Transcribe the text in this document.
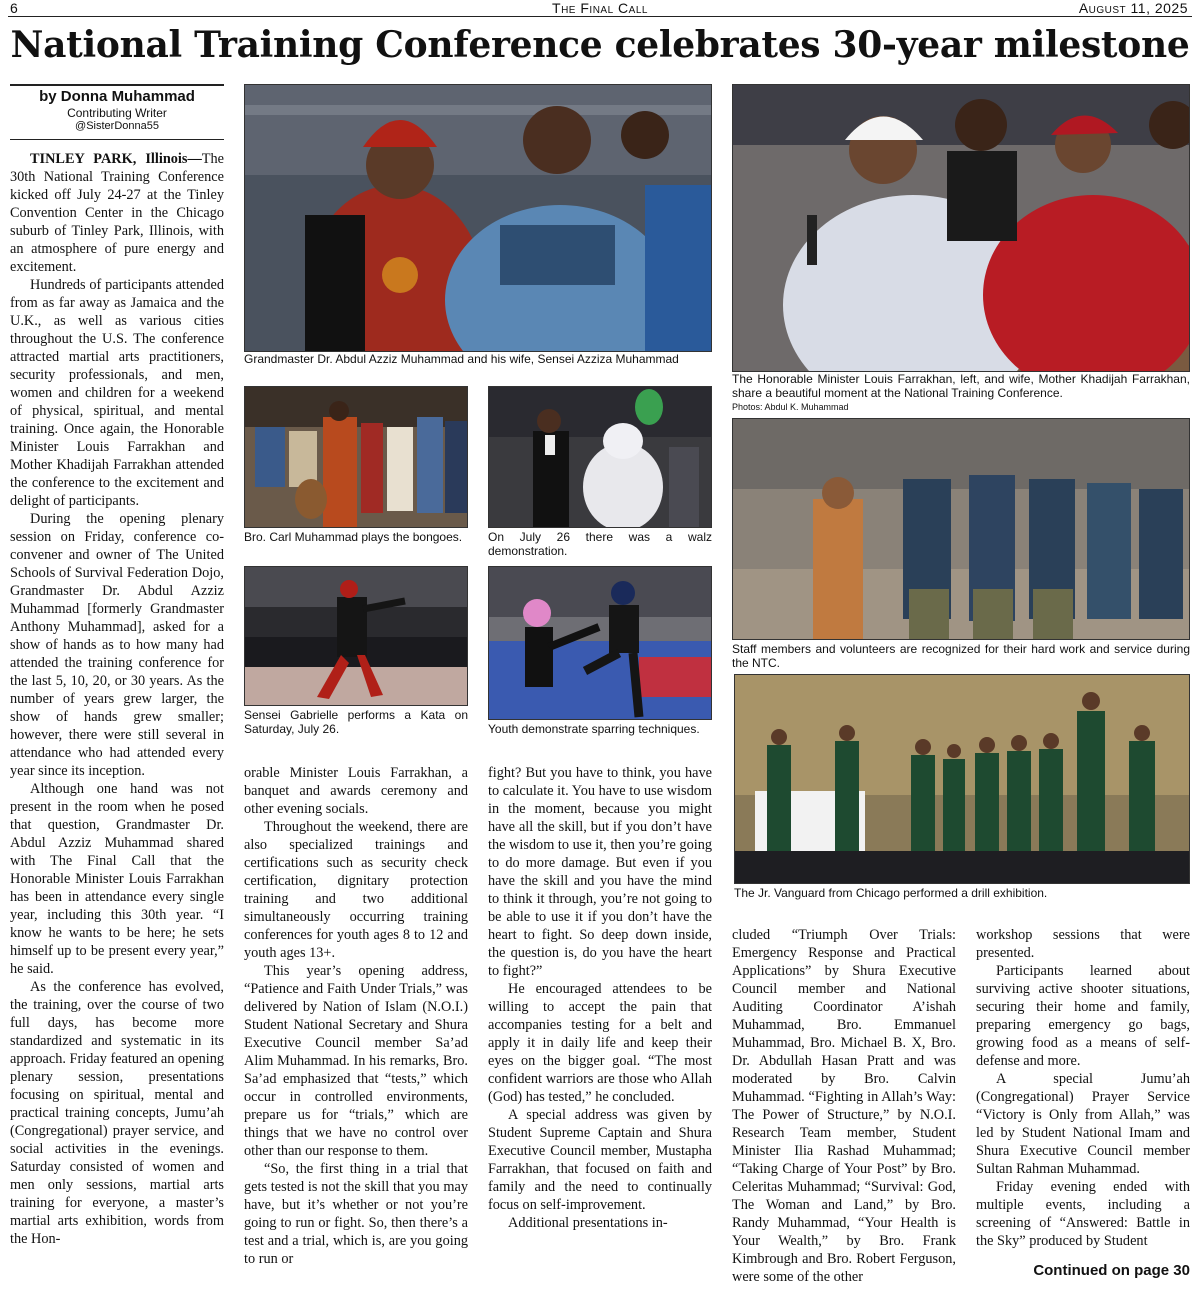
6	The Final Call	August 11, 2025
National Training Conference celebrates 30-year milestone
by Donna Muhammad
Contributing Writer
@SisterDonna55

TINLEY PARK, Illinois—The 30th National Training Conference kicked off July 24-27 at the Tinley Convention Center in the Chicago suburb of Tinley Park, Illinois, with an atmosphere of pure energy and excitement.

Hundreds of participants attended from as far away as Jamaica and the U.K., as well as various cities throughout the U.S. The conference attracted martial arts practitioners, security professionals, and men, women and children for a weekend of physical, spiritual, and mental training. Once again, the Honorable Minister Louis Farrakhan and Mother Khadijah Farrakhan attended the conference to the excitement and delight of participants.

During the opening plenary session on Friday, conference co-convener and owner of The United Schools of Survival Federation Dojo, Grandmaster Dr. Abdul Azziz Muhammad [formerly Grandmaster Anthony Muhammad], asked for a show of hands as to how many had attended the training conference for the last 5, 10, 20, or 30 years. As the number of years grew larger, the show of hands grew smaller; however, there were still several in attendance who had attended every year since its inception.

Although one hand was not present in the room when he posed that question, Grandmaster Dr. Abdul Azziz Muhammad shared with The Final Call that the Honorable Minister Louis Farrakhan has been in attendance every single year, including this 30th year. “I know he wants to be here; he sets himself up to be present every year,” he said.

As the conference has evolved, the training, over the course of two full days, has become more standardized and systematic in its approach. Friday featured an opening plenary session, presentations focusing on spiritual, mental and practical training concepts, Jumu’ah (Congregational) prayer service, and social activities in the evenings. Saturday consisted of women and men only sessions, martial arts training for everyone, a master’s martial arts exhibition, words from the Hon-

orable Minister Louis Farrakhan, a banquet and awards ceremony and other evening socials.

Throughout the weekend, there are also specialized trainings and certifications such as security check certification, dignitary protection training and two additional simultaneously occurring training conferences for youth ages 8 to 12 and youth ages 13+.

This year’s opening address, “Patience and Faith Under Trials,” was delivered by Nation of Islam (N.O.I.) Student National Secretary and Shura Executive Council member Sa’ad Alim Muhammad. In his remarks, Bro. Sa’ad emphasized that “tests,” which occur in controlled environments, prepare us for “trials,” which are things that we have no control over other than our response to them.

“So, the first thing in a trial that gets tested is not the skill that you may have, but it’s whether or not you’re going to run or fight. So, then there’s a test and a trial, which is, are you going to run or

fight? But you have to think, you have to calculate it. You have to use wisdom in the moment, because you might have all the skill, but if you don’t have the wisdom to use it, then you’re going to do more damage. But even if you have the skill and you have the mind to think it through, you’re not going to be able to use it if you don’t have the heart to fight. So deep down inside, the question is, do you have the heart to fight?”

He encouraged attendees to be willing to accept the pain that accompanies testing for a belt and apply it in daily life and keep their eyes on the bigger goal. “The most confident warriors are those who Allah (God) has tested,” he concluded.

A special address was given by Student Supreme Captain and Shura Executive Council member, Mustapha Farrakhan, that focused on faith and family and the need to continually focus on self-improvement.

Additional presentations in-

cluded “Triumph Over Trials: Emergency Response and Practical Applications” by Shura Executive Council member and National Auditing Coordinator A’ishah Muhammad, Bro. Emmanuel Muhammad, Bro. Michael B. X, Bro. Dr. Abdullah Hasan Pratt and was moderated by Bro. Calvin Muhammad. “Fighting in Allah’s Way: The Power of Structure,” by N.O.I. Research Team member, Student Minister Ilia Rashad Muhammad; “Taking Charge of Your Post” by Bro. Celeritas Muhammad; “Survival: God, The Woman and Land,” by Bro. Randy Muhammad, “Your Health is Your Wealth,” by Bro. Frank Kimbrough and Bro. Robert Ferguson, were some of the other

workshop sessions that were presented.

Participants learned about surviving active shooter situations, securing their home and family, preparing emergency go bags, growing food as a means of self-defense and more.

A special Jumu’ah (Congregational) Prayer Service “Victory is Only from Allah,” was led by Student National Imam and Shura Executive Council member Sultan Rahman Muhammad.

Friday evening ended with multiple events, including a screening of “Answered: Battle in the Sky” produced by Student

Grandmaster Dr. Abdul Azziz Muhammad and his wife, Sensei Azziza Muhammad
The Honorable Minister Louis Farrakhan, left, and wife, Mother Khadijah Farrakhan, share a beautiful moment at the National Training Conference.
Photos: Abdul K. Muhammad
Bro. Carl Muhammad plays the bongoes.	On July 26 there was a walz demonstration.
Staff members and volunteers are recognized for their hard work and service during the NTC.
Sensei Gabrielle performs a Kata on Saturday, July 26.	Youth demonstrate sparring techniques.
The Jr. Vanguard from Chicago performed a drill exhibition.
Continued on page 30
